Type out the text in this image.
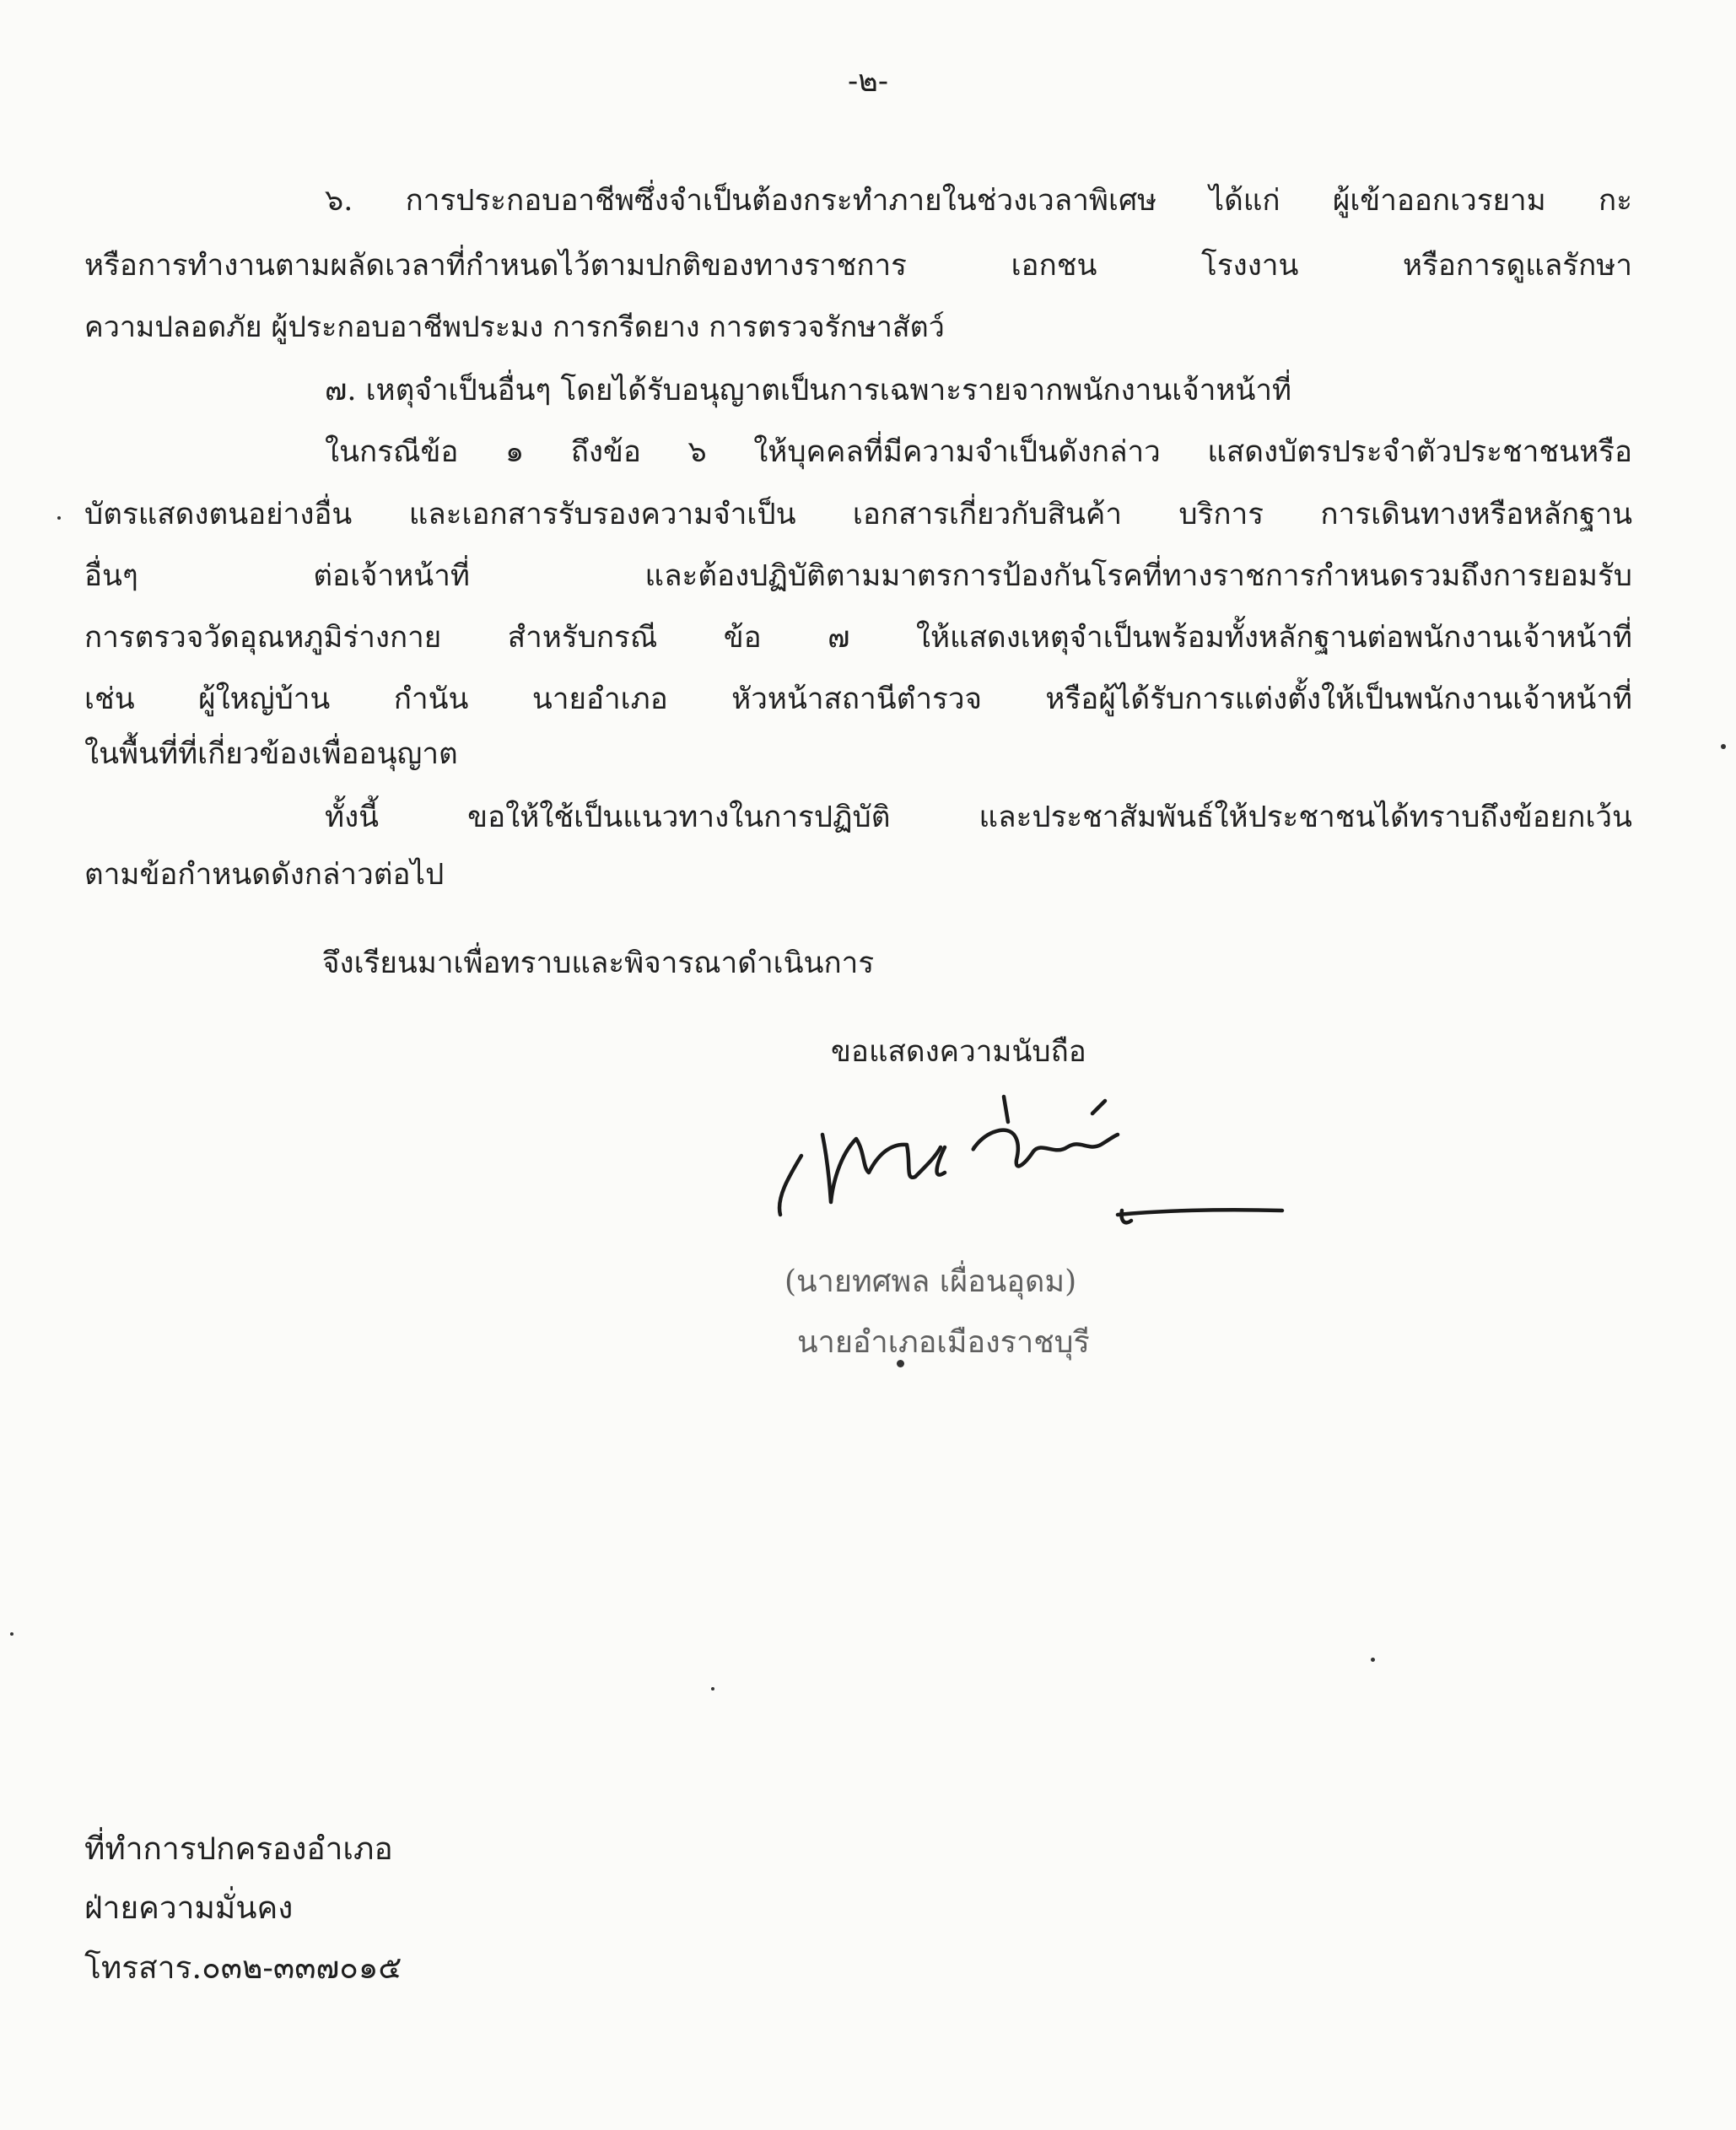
-๒-
๖. การประกอบอาชีพซึ่งจำเป็นต้องกระทำภายในช่วงเวลาพิเศษ ได้แก่ ผู้เข้าออกเวรยาม กะ
หรือการทำงานตามผลัดเวลาที่กำหนดไว้ตามปกติของทางราชการ เอกชน โรงงาน หรือการดูแลรักษา
ความปลอดภัย ผู้ประกอบอาชีพประมง การกรีดยาง การตรวจรักษาสัตว์
๗. เหตุจำเป็นอื่นๆ โดยได้รับอนุญาตเป็นการเฉพาะรายจากพนักงานเจ้าหน้าที่
ในกรณีข้อ ๑ ถึงข้อ ๖ ให้บุคคลที่มีความจำเป็นดังกล่าว แสดงบัตรประจำตัวประชาชนหรือ
บัตรแสดงตนอย่างอื่น และเอกสารรับรองความจำเป็น เอกสารเกี่ยวกับสินค้า บริการ การเดินทางหรือหลักฐาน
อื่นๆ ต่อเจ้าหน้าที่ และต้องปฏิบัติตามมาตรการป้องกันโรคที่ทางราชการกำหนดรวมถึงการยอมรับ
การตรวจวัดอุณหภูมิร่างกาย สำหรับกรณี ข้อ ๗ ให้แสดงเหตุจำเป็นพร้อมทั้งหลักฐานต่อพนักงานเจ้าหน้าที่
เช่น ผู้ใหญ่บ้าน กำนัน นายอำเภอ หัวหน้าสถานีตำรวจ หรือผู้ได้รับการแต่งตั้งให้เป็นพนักงานเจ้าหน้าที่
ในพื้นที่ที่เกี่ยวข้องเพื่ออนุญาต
ทั้งนี้ ขอให้ใช้เป็นแนวทางในการปฏิบัติ และประชาสัมพันธ์ให้ประชาชนได้ทราบถึงข้อยกเว้น
ตามข้อกำหนดดังกล่าวต่อไป
จึงเรียนมาเพื่อทราบและพิจารณาดำเนินการ
ขอแสดงความนับถือ
(นายทศพล เผื่อนอุดม)
นายอำเภอเมืองราชบุรี
ที่ทำการปกครองอำเภอ
ฝ่ายความมั่นคง
โทรสาร.๐๓๒-๓๓๗๐๑๕
